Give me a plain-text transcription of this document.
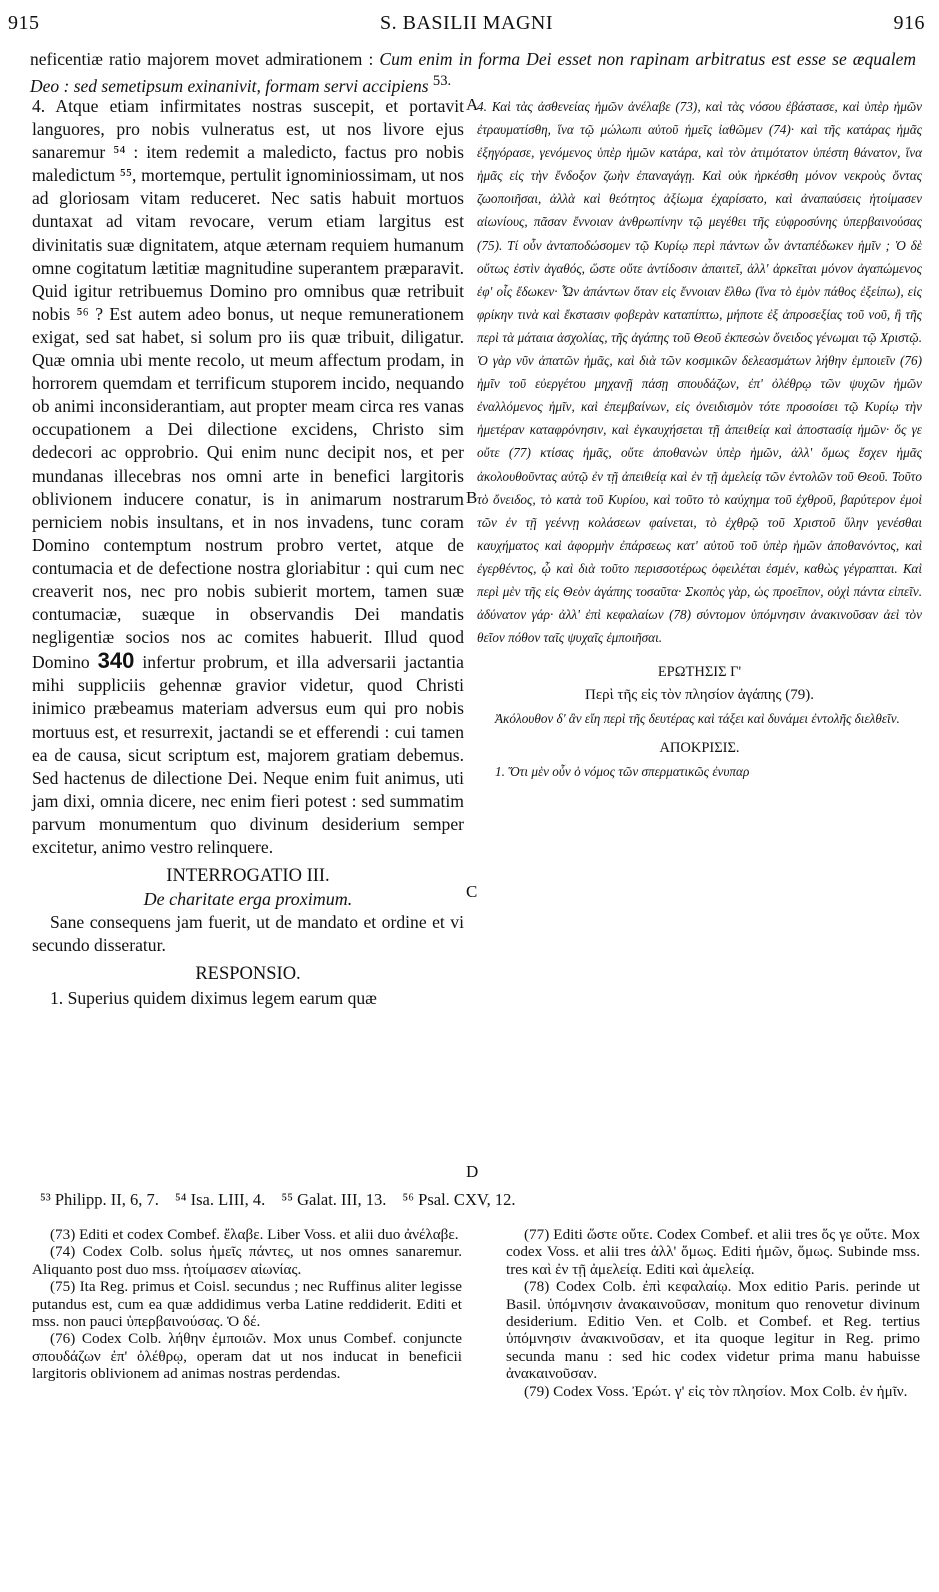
915	S. BASILII MAGNI	916
neficentiæ ratio majorem movet admirationem : Cum enim in forma Dei esset non rapinam arbitratus est esse se æqualem Deo : sed semetipsum exinanivit, formam servi accipiens $^{53.}$

4. Atque etiam infirmitates nostras suscepit, et portavit languores, pro nobis vulneratus est, ut nos livore ejus sanaremur ⁵⁴ : item redemit a maledicto, factus pro nobis maledictum ⁵⁵, mortemque, pertulit ignominiossimam, ut nos ad gloriosam vitam reduceret. Nec satis habuit mortuos duntaxat ad vitam revocare, verum etiam largitus est divinitatis suæ dignitatem, atque æternam requiem humanum omne cogitatum lætitiæ magnitudine superantem præparavit. Quid igitur retribuemus Domino pro omnibus quæ retribuit nobis ⁵⁶ ? Est autem adeo bonus, ut neque remunerationem exigat, sed sat habet, si solum pro iis quæ tribuit, diligatur. Quæ omnia ubi mente recolo, ut meum affectum prodam, in horrorem quemdam et terrificum stuporem incido, nequando ob animi inconsiderantiam, aut propter meam circa res vanas occupationem a Dei dilectione excidens, Christo sim dedecori ac opprobrio. Qui enim nunc decipit nos, et per mundanas illecebras nos omni arte in benefici largitoris oblivionem inducere conatur, is in animarum nostrarum perniciem nobis insultans, et in nos invadens, tunc coram Domino contemptum nostrum probro vertet, atque de contumacia et de defectione nostra gloriabitur : qui cum nec creaverit nos, nec pro nobis subierit mortem, tamen suæ contumaciæ, suæque in observandis Dei mandatis negligentiæ socios nos ac comites habuerit. Illud quod Domino 340 infertur probrum, et illa adversarii jactantia mihi suppliciis gehennæ gravior videtur, quod Christi inimico præbeamus materiam adversus eum qui pro nobis mortuus est, et resurrexit, jactandi se et efferendi : cui tamen ea de causa, sicut scriptum est, majorem gratiam debemus. Sed hactenus de dilectione Dei. Neque enim fuit animus, uti jam dixi, omnia dicere, nec enim fieri potest : sed summatim parvum monumentum quo divinum desiderium semper excitetur, animo vestro relinquere.

INTERROGATIO III.
De charitate erga proximum.

Sane consequens jam fuerit, ut de mandato et ordine et vi secundo disseratur.

RESPONSIO.

1. Superius quidem diximus legem earum quæ

4. Καὶ τὰς ἀσθενείας ἡμῶν ἀνέλαβε (73), καὶ τὰς νόσου ἐβάστασε, καὶ ὑπὲρ ἡμῶν ἐτραυματίσθη, ἵνα τῷ μώλωπι αὐτοῦ ἡμεῖς ἰαθῶμεν (74)· καὶ τῆς κατάρας ἡμᾶς ἐξηγόρασε, γενόμενος ὑπὲρ ἡμῶν κατάρα, καὶ τὸν ἀτιμότατον ὑπέστη θάνατον, ἵνα ἡμᾶς εἰς τὴν ἔνδοξον ζωὴν ἐπαναγάγῃ. Καὶ οὐκ ἠρκέσθη μόνον νεκροὺς ὄντας ζωοποιῆσαι, ἀλλὰ καὶ θεότητος ἀξίωμα ἐχαρίσατο, καὶ ἀναπαύσεις ἡτοίμασεν αἰωνίους, πᾶσαν ἔννοιαν ἀνθρωπίνην τῷ μεγέθει τῆς εὐφροσύνης ὑπερβαινούσας (75). Τί οὖν ἀνταποδώσομεν τῷ Κυρίῳ περὶ πάντων ὧν ἀνταπέδωκεν ἡμῖν ; Ὁ δὲ οὕτως ἐστὶν ἀγαθός, ὥστε οὔτε ἀντίδοσιν ἀπαιτεῖ, ἀλλ' ἀρκεῖται μόνον ἀγαπώμενος ἐφ' οἷς ἔδωκεν· Ὧν ἁπάντων ὅταν εἰς ἔννοιαν ἔλθω (ἵνα τὸ ἐμὸν πάθος ἐξείπω), εἰς φρίκην τινὰ καὶ ἔκστασιν φοβερὰν καταπίπτω, μήποτε ἐξ ἀπροσεξίας τοῦ νοῦ, ἢ τῆς περὶ τὰ μάταια ἀσχολίας, τῆς ἀγάπης τοῦ Θεοῦ ἐκπεσὼν ὄνειδος γένωμαι τῷ Χριστῷ. Ὁ γὰρ νῦν ἀπατῶν ἡμᾶς, καὶ διὰ τῶν κοσμικῶν δελεασμάτων λήθην ἐμποιεῖν (76) ἡμῖν τοῦ εὐεργέτου μηχανῇ πάσῃ σπουδάζων, ἐπ' ὀλέθρῳ τῶν ψυχῶν ἡμῶν ἐναλλόμενος ἡμῖν, καὶ ἐπεμβαίνων, εἰς ὀνειδισμὸν τότε προσοίσει τῷ Κυρίῳ τὴν ἡμετέραν καταφρόνησιν, καὶ ἐγκαυχήσεται τῇ ἀπειθείᾳ καὶ ἀποστασίᾳ ἡμῶν· ὅς γε οὔτε (77) κτίσας ἡμᾶς, οὔτε ἀποθανὼν ὑπὲρ ἡμῶν, ἀλλ' ὅμως ἔσχεν ἡμᾶς ἀκολουθοῦντας αὐτῷ ἐν τῇ ἀπειθείᾳ καὶ ἐν τῇ ἀμελείᾳ τῶν ἐντολῶν τοῦ Θεοῦ. Τοῦτο τὸ ὄνειδος, τὸ κατὰ τοῦ Κυρίου, καὶ τοῦτο τὸ καύχημα τοῦ ἐχθροῦ, βαρύτερον ἐμοὶ τῶν ἐν τῇ γεέννῃ κολάσεων φαίνεται, τὸ ἐχθρῷ τοῦ Χριστοῦ ὕλην γενέσθαι καυχήματος καὶ ἀφορμὴν ἐπάρσεως κατ' αὐτοῦ τοῦ ὑπὲρ ἡμῶν ἀποθανόντος, καὶ ἐγερθέντος, ᾧ καὶ διὰ τοῦτο περισσοτέρως ὀφειλέται ἐσμέν, καθὼς γέγραπται. Καὶ περὶ μὲν τῆς εἰς Θεὸν ἀγάπης τοσαῦτα· Σκοπὸς γὰρ, ὡς προεῖπον, οὐχὶ πάντα εἰπεῖν. ἀδύνατον γάρ· ἀλλ' ἐπὶ κεφαλαίων (78) σύντομον ὑπόμνησιν ἀνακινοῦσαν ἀεὶ τὸν θεῖον πόθον ταῖς ψυχαῖς ἐμποιῆσαι.

ΕΡΩΤΗΣΙΣ Γ'
Περὶ τῆς εἰς τὸν πλησίον ἀγάπης (79).

Ἀκόλουθον δ' ἂν εἴη περὶ τῆς δευτέρας καὶ τάξει καὶ δυνάμει ἐντολῆς διελθεῖν.

ΑΠΟΚΡΙΣΙΣ.

1. Ὅτι μὲν οὖν ὁ νόμος τῶν σπερματικῶς ἐνυπαρ

A
B
C
D
⁵³ Philipp. II, 6, 7. ⁵⁴ Isa. LIII, 4. ⁵⁵ Galat. III, 13. ⁵⁶ Psal. CXV, 12.

(73) Editi et codex Combef. ἔλαβε. Liber Voss. et alii duo ἀνέλαβε.

(74) Codex Colb. solus ἡμεῖς πάντες, ut nos omnes sanaremur. Aliquanto post duo mss. ἡτοίμασεν αἰωνίας.

(75) Ita Reg. primus et Coisl. secundus ; nec Ruffinus aliter legisse putandus est, cum ea quæ addidimus verba Latine reddiderit. Editi et mss. non pauci ὑπερβαινούσας. Ὁ δέ.

(76) Codex Colb. λήθην ἐμποιῶν. Mox unus Combef. conjuncte σπουδάζων ἐπ' ὀλέθρῳ, operam dat ut nos inducat in beneficii largitoris oblivionem ad animas nostras perdendas.

(77) Editi ὥστε οὔτε. Codex Combef. et alii tres ὅς γε οὔτε. Mox codex Voss. et alii tres ἀλλ' ὅμως. Editi ἡμῶν, ὅμως. Subinde mss. tres καὶ ἐν τῇ ἀμελείᾳ. Editi καὶ ἀμελείᾳ.

(78) Codex Colb. ἐπὶ κεφαλαίῳ. Mox editio Paris. perinde ut Basil. ὑπόμνησιν ἀνακαινοῦσαν, monitum quo renovetur divinum desiderium. Editio Ven. et Colb. et Combef. et Reg. tertius ὑπόμνησιν ἀνακινοῦσαν, et ita quoque legitur in Reg. primo secunda manu : sed hic codex videtur prima manu habuisse ἀνακαινοῦσαν.

(79) Codex Voss. Ἐρώτ. γ' εἰς τὸν πλησίον. Mox Colb. ἐν ἡμῖν.
